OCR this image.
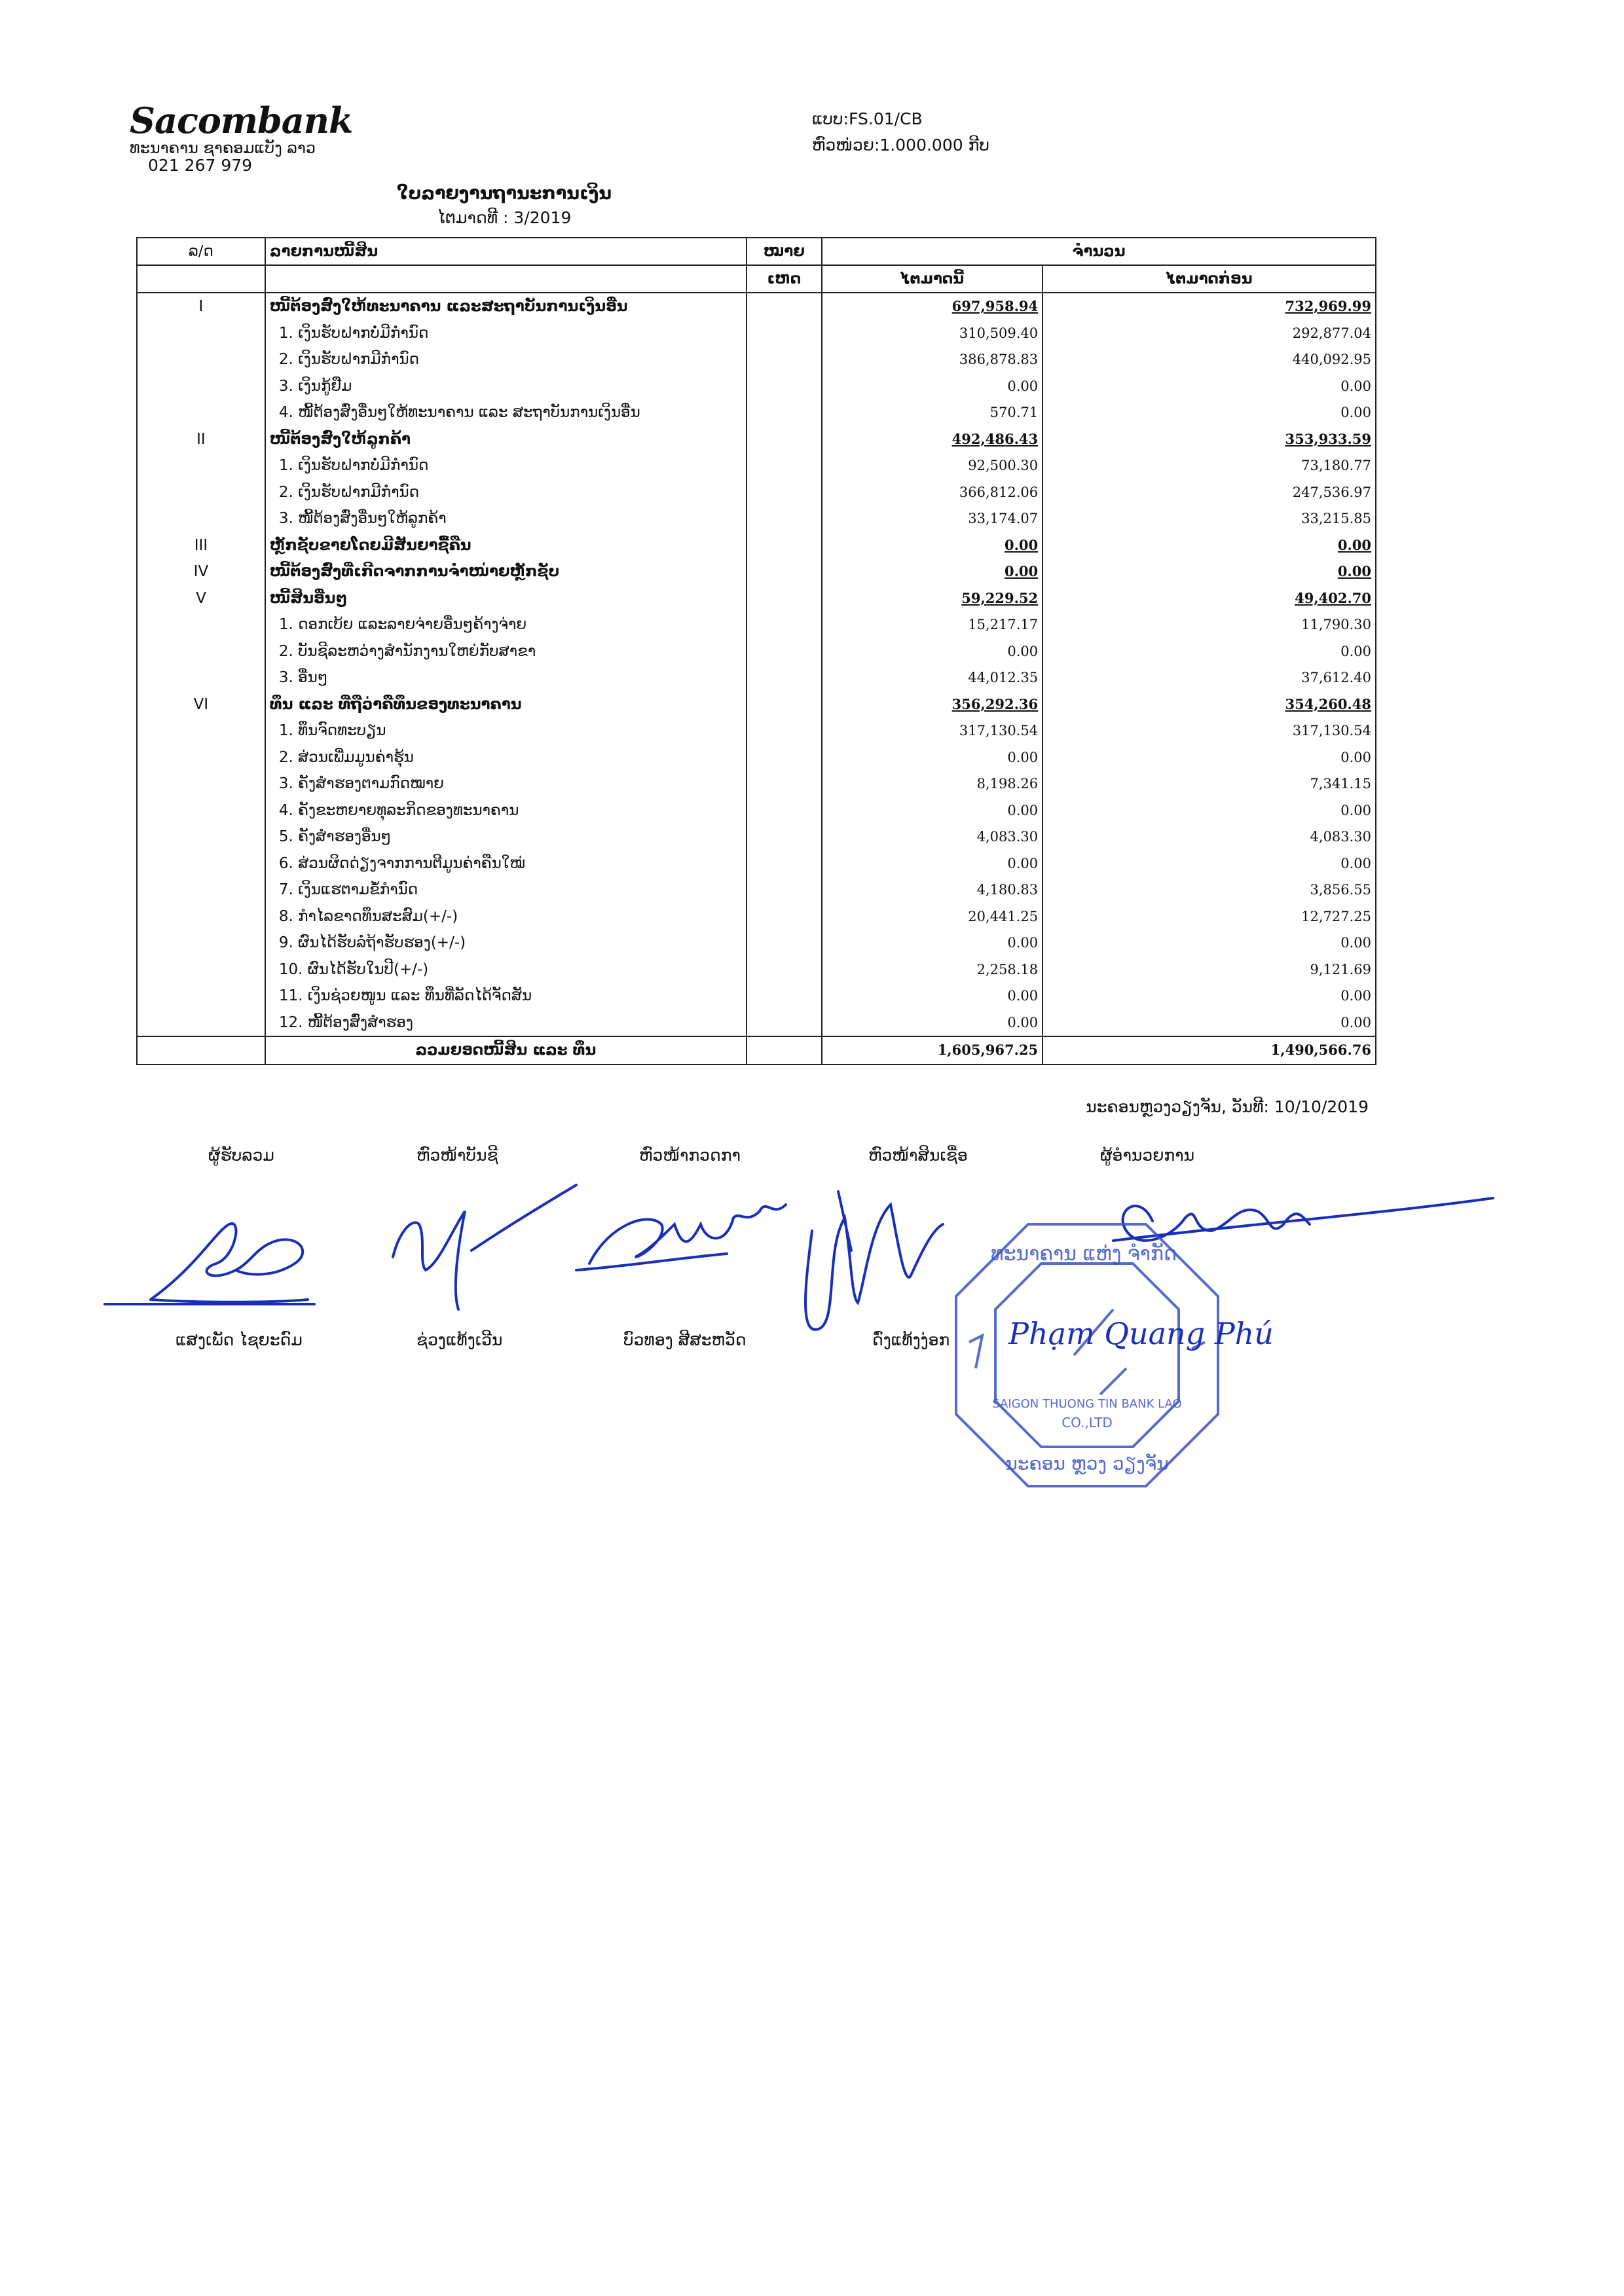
Sacombank
ທະນາຄານ ຊາຄອມແບັງ ລາວ
021 267 979
ແບບ:FS.01/CB
ຫົວໜ່ວຍ:1.000.000 ກີບ
ໃບລາຍງານຖານະການເງິນ
ໄຕມາດທີ : 3/2019
ລ/ດ	ລາຍການໜີ້ສິນ	ໝາຍ	ຈຳນວນ	
		ເຫດ	ໄຕມາດນີ້	ໄຕມາດກ່ອນ
I	ໜີ້ຕ້ອງສົ່ງໃຫ້ທະນາຄານ ແລະສະຖາບັນການເງິນອື່ນ		697,958.94	732,969.99
	1. ເງິນຮັບຝາກບໍ່ມີກຳນົດ		310,509.40	292,877.04
	2. ເງິນຮັບຝາກມີກຳນົດ		386,878.83	440,092.95
	3. ເງິນກູ້ຢືມ		0.00	0.00
	4. ໜີ້ຕ້ອງສົ່ງອື່ນໆໃຫ້ທະນາຄານ ແລະ ສະຖາບັນການເງິນອື່ນ		570.71	0.00
II	ໜີ້ຕ້ອງສົ່ງໃຫ້ລູກຄ້າ		492,486.43	353,933.59
	1. ເງິນຮັບຝາກບໍ່ມີກຳນົດ		92,500.30	73,180.77
	2. ເງິນຮັບຝາກມີກຳນົດ		366,812.06	247,536.97
	3. ໜີ້ຕ້ອງສົ່ງອື່ນໆໃຫ້ລູກຄ້າ		33,174.07	33,215.85
III	ຫຼັກຊັບຂາຍໂດຍມີສັນຍາຊື້ຄືນ		0.00	0.00
IV	ໜີ້ຕ້ອງສົ່ງທີ່ເກີດຈາກການຈຳໜ່າຍຫຼັກຊັບ		0.00	0.00
V	ໜີ້ສິນອື່ນໆ		59,229.52	49,402.70
	1. ດອກເບ້ຍ ແລະລາຍຈ່າຍອື່ນໆຄ້າງຈ່າຍ		15,217.17	11,790.30
	2. ບັນຊີລະຫວ່າງສຳນັກງານໃຫຍ່ກັບສາຂາ		0.00	0.00
	3. ອື່ນໆ		44,012.35	37,612.40
VI	ທຶນ ແລະ ທີ່ຖືວ່າຄືທຶນຂອງທະນາຄານ		356,292.36	354,260.48
	1. ທຶນຈົດທະບຽນ		317,130.54	317,130.54
	2. ສ່ວນເພີ່ມມູນຄ່າຮຸ້ນ		0.00	0.00
	3. ຄັງສຳຮອງຕາມກົດໝາຍ		8,198.26	7,341.15
	4. ຄັງຂະຫຍາຍທຸລະກິດຂອງທະນາຄານ		0.00	0.00
	5. ຄັງສຳຮອງອື່ນໆ		4,083.30	4,083.30
	6. ສ່ວນຜິດດ່ຽງຈາກການຕີມູນຄ່າຄືນໃໝ່		0.00	0.00
	7. ເງິນແຮຕາມຂໍ້ກຳນົດ		4,180.83	3,856.55
	8. ກຳໄລຂາດທຶນສະສົມ(+/-)		20,441.25	12,727.25
	9. ຜົນໄດ້ຮັບລໍຖ້າຮັບຮອງ(+/-)		0.00	0.00
	10. ຜົນໄດ້ຮັບໃນປີ(+/-)		2,258.18	9,121.69
	11. ເງິນຊ່ວຍໜູນ ແລະ ທຶນທີ່ລັດໄດ້ຈັດສັນ		0.00	0.00
	12. ໜີ້ຕ້ອງສົ່ງສຳຮອງ		0.00	0.00
	ລວມຍອດໜີ້ສິນ ແລະ ທຶນ		1,605,967.25	1,490,566.76
ນະຄອນຫຼວງວຽງຈັນ, ວັນທີ: 10/10/2019
ຜູ້ຮັບລວມ	ຫົວໜ້າບັນຊີ	ຫົວໜ້າກວດກາ	ຫົວໜ້າສິນເຊື່ອ	ຜູ້ອຳນວຍການ
ທະນາຄານ ແຫ່ງ ຈຳກັດ
SAIGON THUONG TIN BANK LAO
CO.,LTD
ນະຄອນ ຫຼວງ ວຽງຈັນ
ແສງເພັດ ໄຊຍະດົມ	ຊ່ວງແທ້ງເວີນ	ບົວທອງ ສີສະຫວັດ	ດົ່ງແທ້ງງ່ອກ Phạm Quang Phú
